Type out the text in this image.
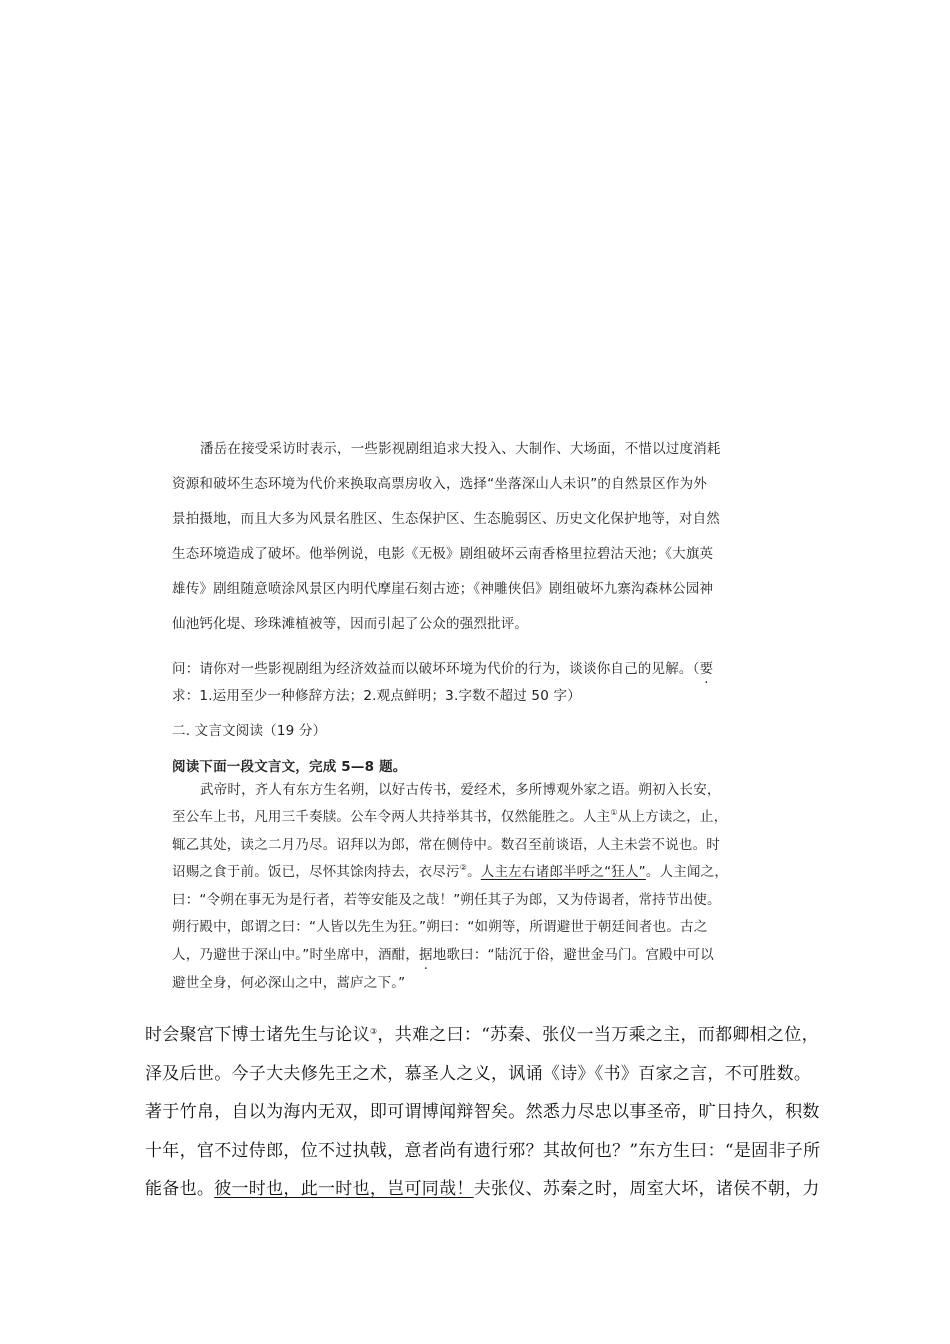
潘岳在接受采访时表示，一些影视剧组追求大投入、大制作、大场面，不惜以过度消耗
资源和破坏生态环境为代价来换取高票房收入，选择“坐落深山人未识”的自然景区作为外
景拍摄地，而且大多为风景名胜区、生态保护区、生态脆弱区、历史文化保护地等，对自然
生态环境造成了破坏。他举例说，电影《无极》剧组破坏云南香格里拉碧沽天池；《大旗英
雄传》剧组随意喷涂风景区内明代摩崖石刻古迹；《神雕侠侣》剧组破坏九寨沟森林公园神
仙池钙化堤、珍珠滩植被等，因而引起了公众的强烈批评。
问：请你对一些影视剧组为经济效益而以破坏环境为代价的行为，谈谈你自己的见解。（要
求：1.运用至少一种修辞方法；2.观点鲜明；3.字数不超过 50 字）
二. 文言文阅读（19 分）
阅读下面一段文言文，完成 5—8 题。
武帝时，齐人有东方生名朔，以好古传书，爱经术，多所博观外家之语。朔初入长安，
至公车上书，凡用三千奏牍。公车令两人共持举其书，仅然能胜之。人主①从上方读之，止，
辄乙其处，读之二月乃尽。诏拜以为郎，常在侧侍中。数召至前谈语，人主未尝不说也。时
诏赐之食于前。饭已，尽怀其馀肉持去，衣尽污②。人主左右诸郎半呼之“狂人”。人主闻之，
曰：“令朔在事无为是行者，若等安能及之哉！”朔任其子为郎，又为侍谒者，常持节出使。
朔行殿中，郎谓之曰：“人皆以先生为狂。”朔曰：“如朔等，所谓避世于朝廷间者也。古之
人，乃避世于深山中。”时坐席中，酒酣，据地歌曰：“陆沉于俗，避世金马门。宫殿中可以
避世全身，何必深山之中，蒿庐之下。”
时会聚宫下博士诸先生与论议③，共难之曰：“苏秦、张仪一当万乘之主，而都卿相之位，
泽及后世。今子大夫修先王之术，慕圣人之义，讽诵《诗》《书》百家之言，不可胜数。
著于竹帛，自以为海内无双，即可谓博闻辩智矣。然悉力尽忠以事圣帝，旷日持久，积数
十年，官不过侍郎，位不过执戟，意者尚有遗行邪？其故何也？”东方生曰：“是固非子所
能备也。彼一时也，此一时也，岂可同哉！夫张仪、苏秦之时，周室大坏，诸侯不朝，力
